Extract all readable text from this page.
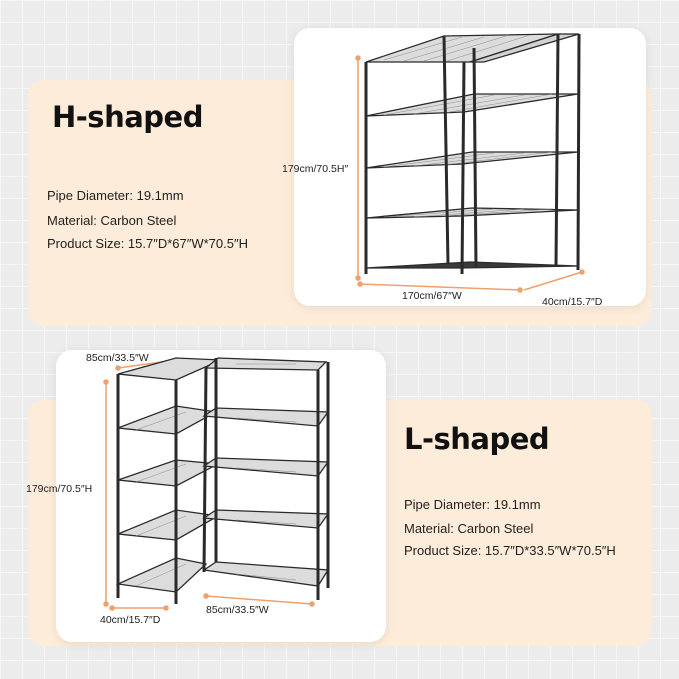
H-shaped
Pipe Diameter: 19.1mm
Material: Carbon Steel
Product Size: 15.7″D*67″W*70.5″H
179cm/70.5H″
170cm/67″W	40cm/15.7″D
85cm/33.5″W
179cm/70.5″H
40cm/15.7″D
85cm/33.5″W
L-shaped
Pipe Diameter: 19.1mm
Material: Carbon Steel
Product Size: 15.7″D*33.5″W*70.5″H
